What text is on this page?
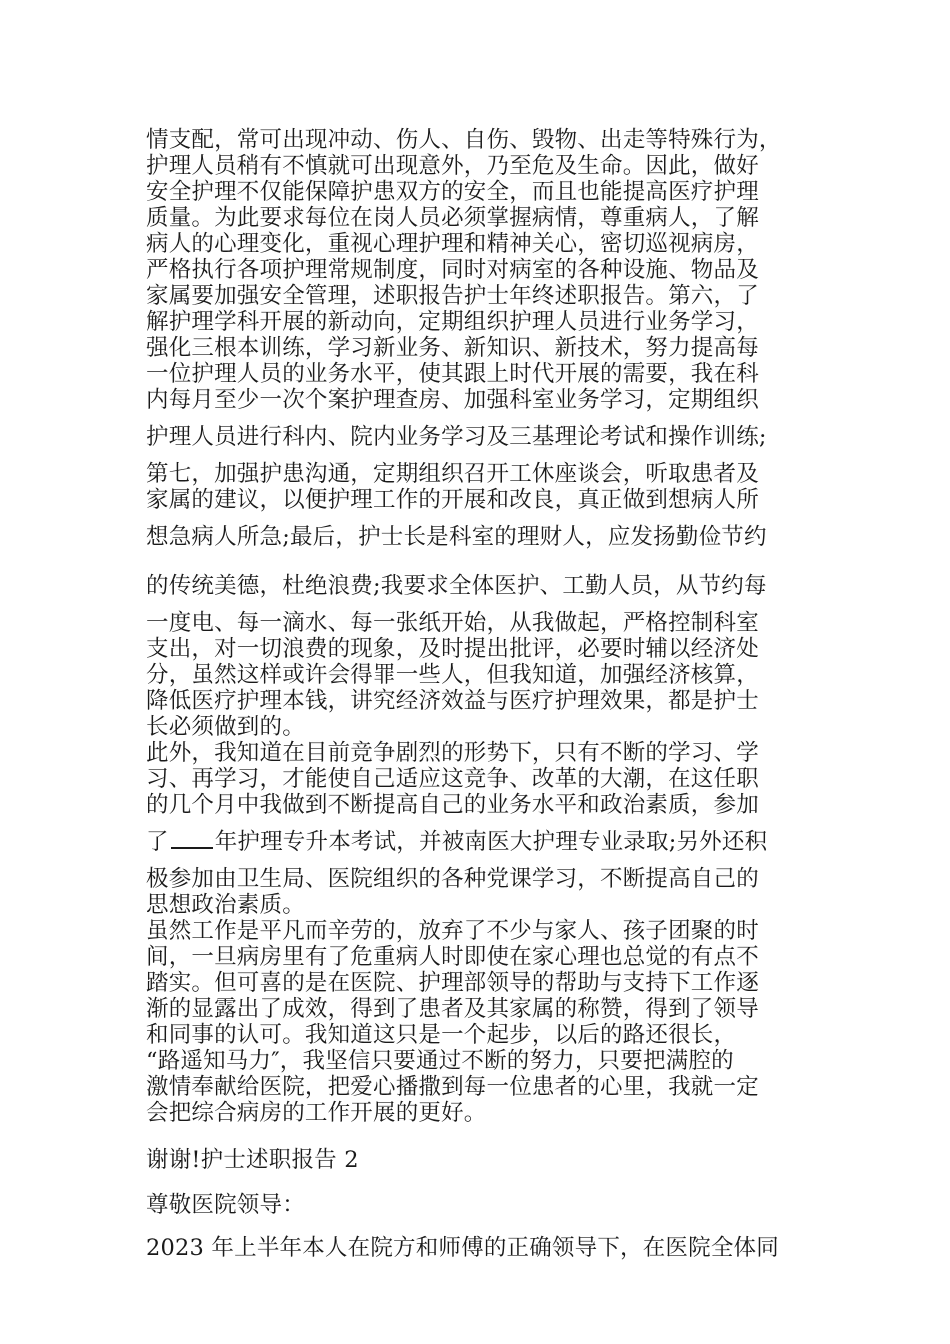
情支配，常可出现冲动、伤人、自伤、毁物、出走等特殊行为，

护理人员稍有不慎就可出现意外，乃至危及生命。因此，做好

安全护理不仅能保障护患双方的安全，而且也能提高医疗护理

质量。为此要求每位在岗人员必须掌握病情，尊重病人，了解

病人的心理变化，重视心理护理和精神关心，密切巡视病房，

严格执行各项护理常规制度，同时对病室的各种设施、物品及

家属要加强安全管理，述职报告护士年终述职报告。第六，了

解护理学科开展的新动向，定期组织护理人员进行业务学习，

强化三根本训练，学习新业务、新知识、新技术，努力提高每

一位护理人员的业务水平，使其跟上时代开展的需要，我在科

内每月至少一次个案护理查房、加强科室业务学习，定期组织

护理人员进行科内、院内业务学习及三基理论考试和操作训练;

第七，加强护患沟通，定期组织召开工休座谈会，听取患者及

家属的建议，以便护理工作的开展和改良，真正做到想病人所

想急病人所急;最后，护士长是科室的理财人，应发扬勤俭节约

的传统美德，杜绝浪费;我要求全体医护、工勤人员，从节约每

一度电、每一滴水、每一张纸开始，从我做起，严格控制科室

支出，对一切浪费的现象，及时提出批评，必要时辅以经济处

分，虽然这样或许会得罪一些人，但我知道，加强经济核算，

降低医疗护理本钱，讲究经济效益与医疗护理效果，都是护士

长必须做到的。

此外，我知道在目前竞争剧烈的形势下，只有不断的学习、学

习、再学习，才能使自己适应这竞争、改革的大潮，在这任职

的几个月中我做到不断提高自己的业务水平和政治素质，参加

了 年护理专升本考试，并被南医大护理专业录取;另外还积

极参加由卫生局、医院组织的各种党课学习，不断提高自己的

思想政治素质。

虽然工作是平凡而辛劳的，放弃了不少与家人、孩子团聚的时

间，一旦病房里有了危重病人时即使在家心理也总觉的有点不

踏实。但可喜的是在医院、护理部领导的帮助与支持下工作逐

渐的显露出了成效，得到了患者及其家属的称赞，得到了领导

和同事的认可。我知道这只是一个起步，以后的路还很长，

“路遥知马力″，我坚信只要通过不断的努力，只要把满腔的

激情奉献给医院，把爱心播撒到每一位患者的心里，我就一定

会把综合病房的工作开展的更好。

谢谢!护士述职报告 2

尊敬医院领导：

2023 年上半年本人在院方和师傅的正确领导下，在医院全体同
